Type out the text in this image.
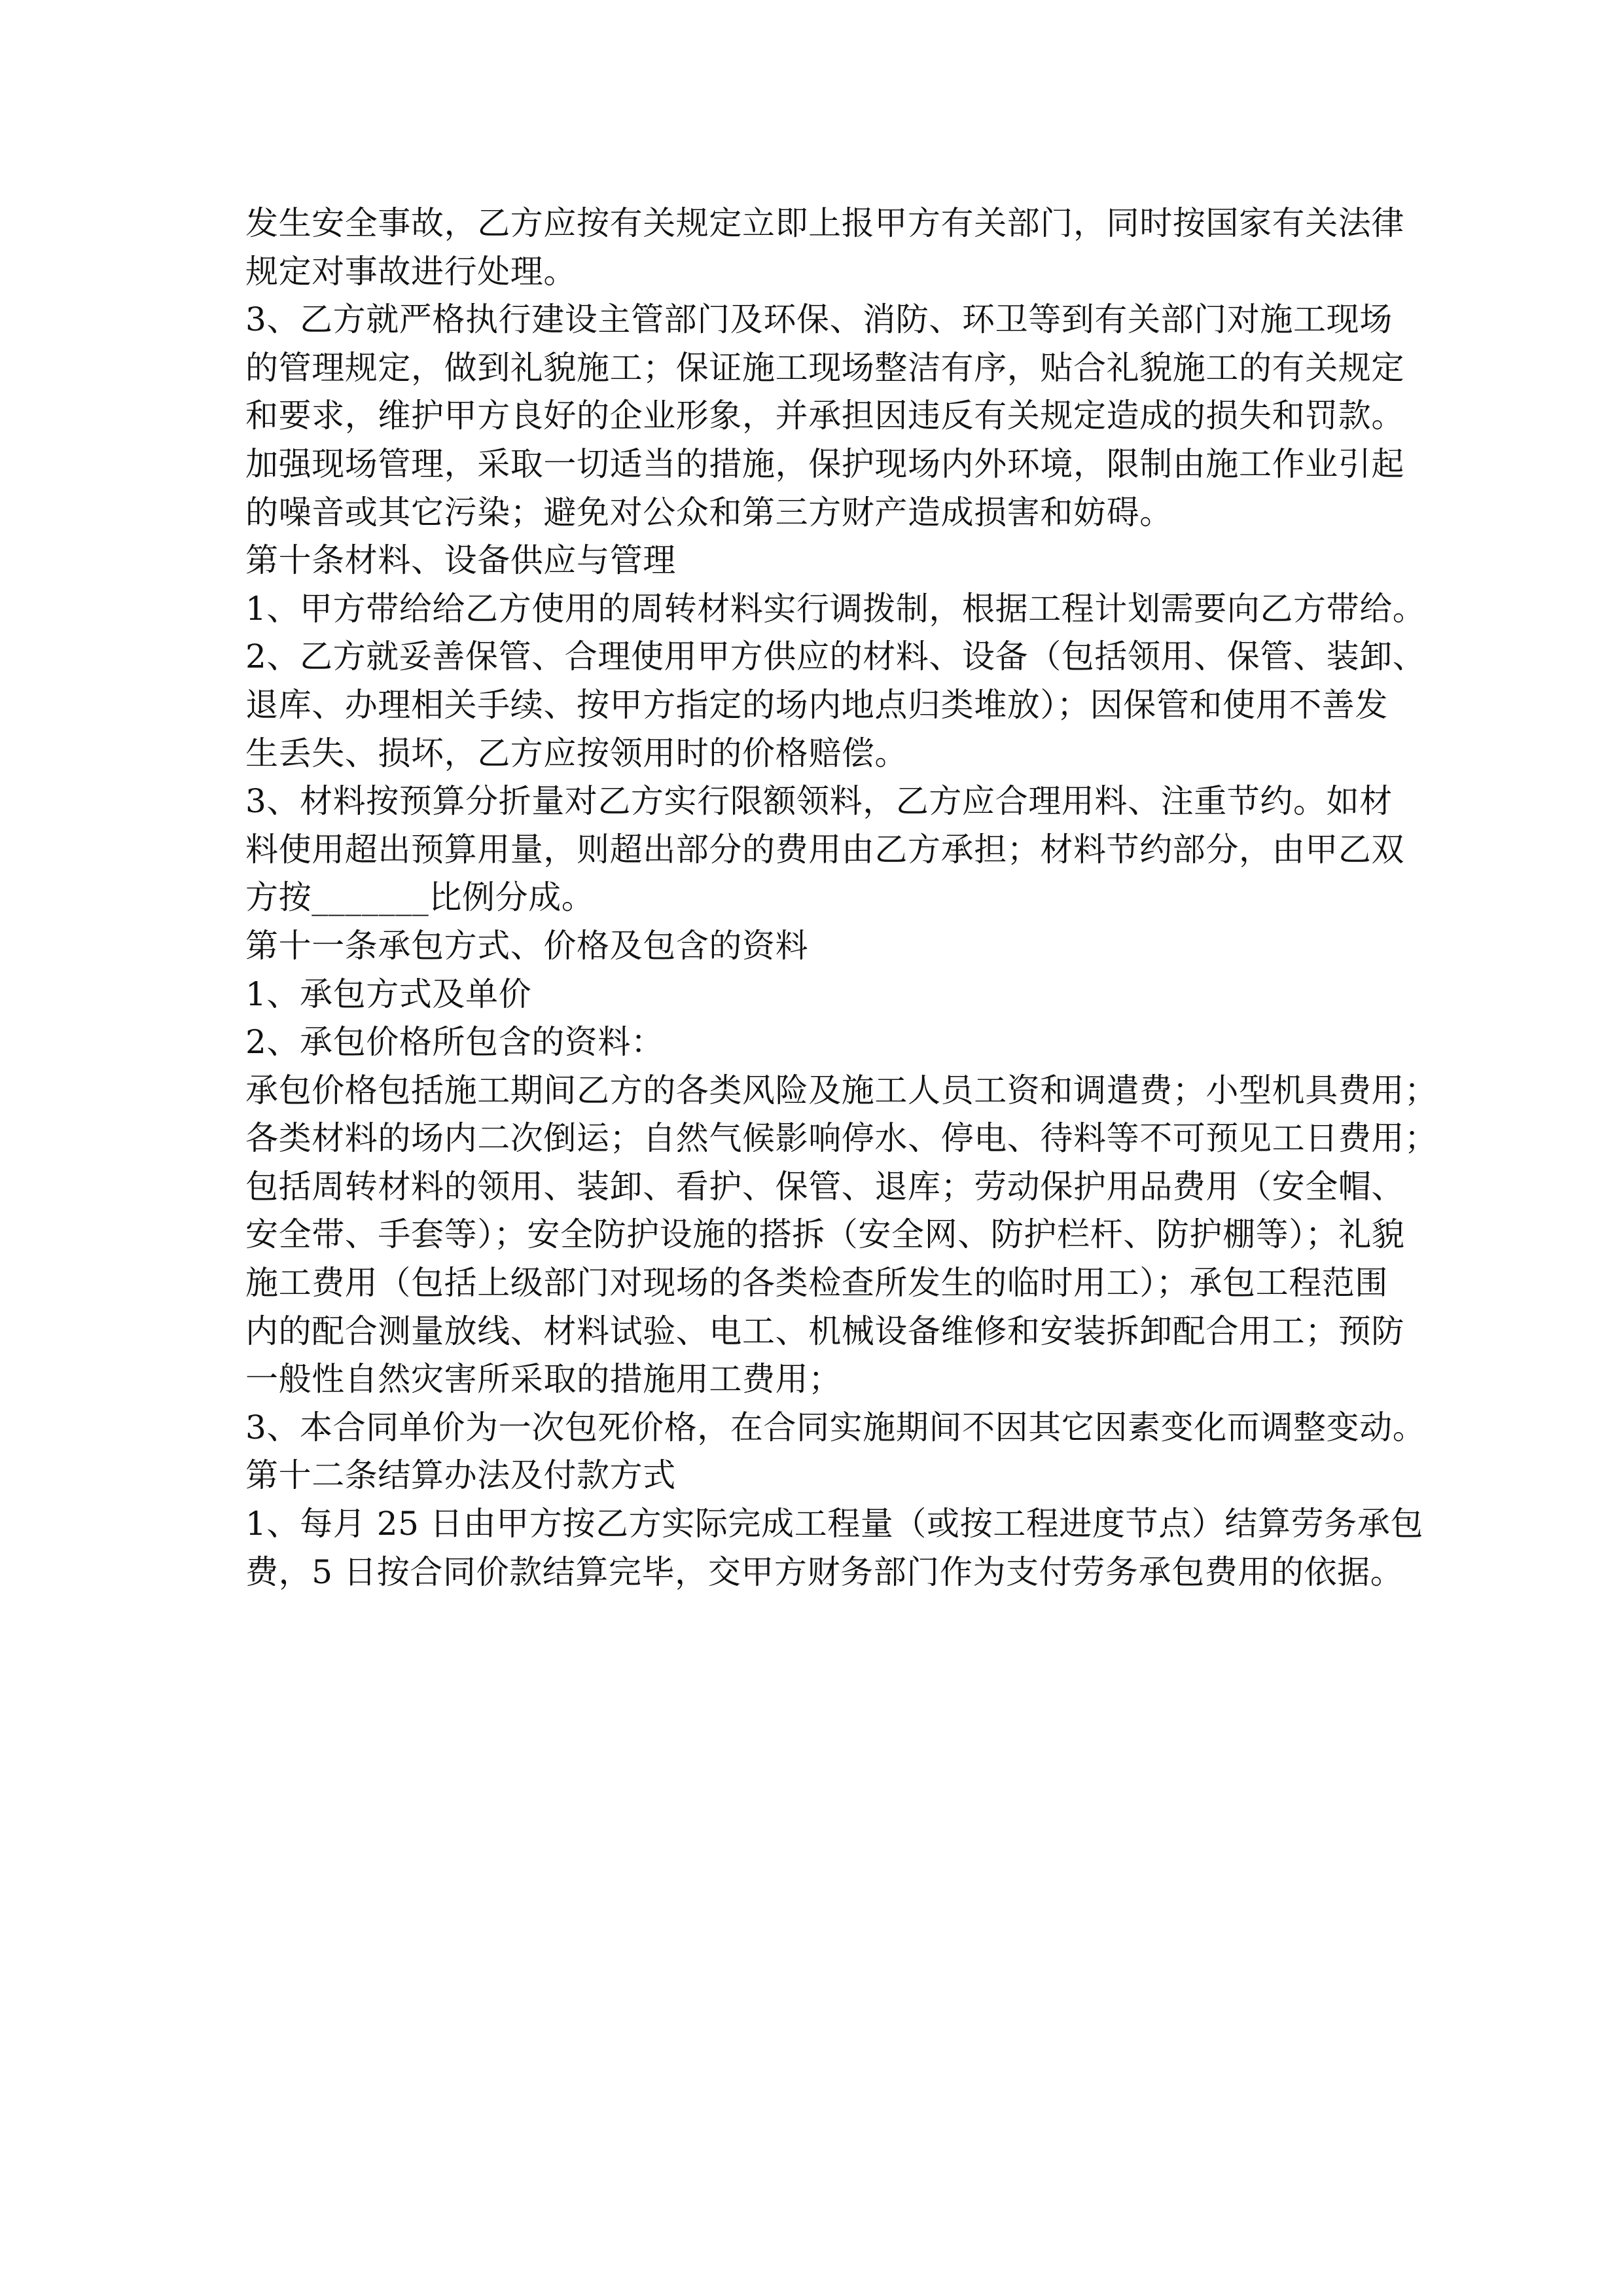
发生安全事故，乙方应按有关规定立即上报甲方有关部门，同时按国家有关法律

规定对事故进行处理。

3、乙方就严格执行建设主管部门及环保、消防、环卫等到有关部门对施工现场

的管理规定，做到礼貌施工；保证施工现场整洁有序，贴合礼貌施工的有关规定

和要求，维护甲方良好的企业形象，并承担因违反有关规定造成的损失和罚款。

加强现场管理，采取一切适当的措施，保护现场内外环境，限制由施工作业引起

的噪音或其它污染；避免对公众和第三方财产造成损害和妨碍。

第十条材料、设备供应与管理

1、甲方带给给乙方使用的周转材料实行调拨制，根据工程计划需要向乙方带给。

2、乙方就妥善保管、合理使用甲方供应的材料、设备（包括领用、保管、装卸、

退库、办理相关手续、按甲方指定的场内地点归类堆放）；因保管和使用不善发

生丢失、损坏，乙方应按领用时的价格赔偿。

3、材料按预算分折量对乙方实行限额领料，乙方应合理用料、注重节约。如材

料使用超出预算用量，则超出部分的费用由乙方承担；材料节约部分，由甲乙双

方按_______比例分成。

第十一条承包方式、价格及包含的资料

1、承包方式及单价

2、承包价格所包含的资料：

承包价格包括施工期间乙方的各类风险及施工人员工资和调遣费；小型机具费用；

各类材料的场内二次倒运；自然气候影响停水、停电、待料等不可预见工日费用；

包括周转材料的领用、装卸、看护、保管、退库；劳动保护用品费用（安全帽、

安全带、手套等）；安全防护设施的搭拆（安全网、防护栏杆、防护棚等）；礼貌

施工费用（包括上级部门对现场的各类检查所发生的临时用工）；承包工程范围

内的配合测量放线、材料试验、电工、机械设备维修和安装拆卸配合用工；预防

一般性自然灾害所采取的措施用工费用；

3、本合同单价为一次包死价格，在合同实施期间不因其它因素变化而调整变动。

第十二条结算办法及付款方式

1、每月 25 日由甲方按乙方实际完成工程量（或按工程进度节点）结算劳务承包

费，5 日按合同价款结算完毕，交甲方财务部门作为支付劳务承包费用的依据。
